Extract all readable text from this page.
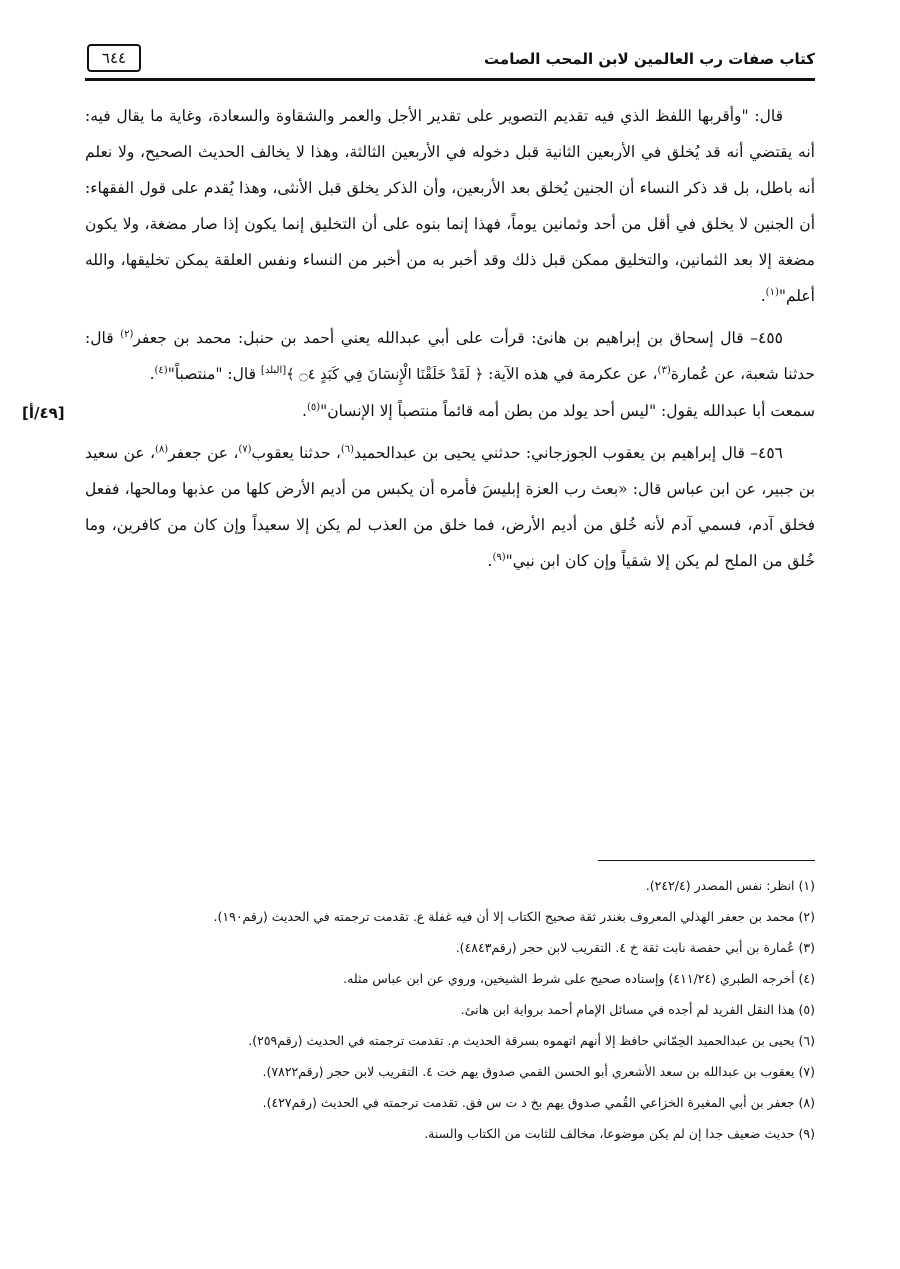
كتاب صفات رب العالمين لابن المحب الصامت
٦٤٤
[٤٩/أ]

قال: "وأقربها اللفظ الذي فيه تقديم التصوير على تقدير الأجل والعمر والشقاوة والسعادة، وغاية ما يقال فيه: أنه يقتضي أنه قد يُخلق في الأربعين الثانية قبل دخوله في الأربعين الثالثة، وهذا لا يخالف الحديث الصحيح، ولا نعلم أنه باطل، بل قد ذكر النساء أن الجنين يُخلق بعد الأربعين، وأن الذكر يخلق قبل الأنثى، وهذا يُقدم على قول الفقهاء: أن الجنين لا يخلق في أقل من أحد وثمانين يوماً، فهذا إنما بنوه على أن التخليق إنما يكون إذا صار مضغة، ولا يكون مضغة إلا بعد الثمانين، والتخليق ممكن قبل ذلك وقد أخبر به من أخبر من النساء ونفس العلقة يمكن تخليقها، والله أعلم"$^{(١)}$.

٤٥٥– قال إسحاق بن إبراهيم بن هانئ: قرأت على أبي عبدالله يعني أحمد بن حنبل: محمد بن جعفر$^{(٢)}$ قال: حدثنا شعبة، عن عُمارة$^{(٣)}$، عن عكرمة في هذه الآية: ﴿ لَقَدْ خَلَقْنَا الْإِنسَانَ فِي كَبَدٍ ۝٤ ﴾[البلد] قال: "منتصباً"$^{(٤)}$.

سمعت أبا عبدالله يقول: "ليس أحد يولد من بطن أمه قائماً منتصباً إلا الإنسان"$^{(٥)}$.

٤٥٦– قال إبراهيم بن يعقوب الجوزجاني: حدثني يحيى بن عبدالحميد$^{(٦)}$، حدثنا يعقوب$^{(٧)}$، عن جعفر$^{(٨)}$، عن سعيد بن جبير، عن ابن عباس قال: «بعث رب العزة إبليسَ فأمره أن يكبس من أديم الأرض كلها من عذبها ومالحها، ففعل فخلق آدم، فسمي آدم لأنه خُلق من أديم الأرض، فما خلق من العذب لم يكن إلا سعيداً وإن كان من كافرين، وما خُلق من الملح لم يكن إلا شقياً وإن كان ابن نبي"$^{(٩)}$.

(١) انظر: نفس المصدر (٢٤٢/٤).

(٢) محمد بن جعفر الهذلي المعروف بغندر ثقة صحيح الكتاب إلا أن فيه غفلة ع. تقدمت ترجمته في الحديث (رقم١٩٠).

(٣) عُمارة بن أبي حفصة نابت ثقة خ ٤. التقريب لابن حجر (رقم٤٨٤٣).

(٤) أخرجه الطبري (٤١١/٢٤) وإسناده صحيح على شرط الشيخين، وروي عن ابن عباس مثله.

(٥) هذا النقل الفريد لم أجده في مسائل الإمام أحمد برواية ابن هانئ.

(٦) يحيى بن عبدالحميد الحِمّاني حافظ إلا أنهم اتهموه بسرقة الحديث م. تقدمت ترجمته في الحديث (رقم٢٥٩).

(٧) يعقوب بن عبدالله بن سعد الأشعري أبو الحسن القمي صدوق يهم خت ٤. التقريب لابن حجر (رقم٧٨٢٢).

(٨) جعفر بن أبي المغيرة الخزاعي القُمي صدوق يهم بخ د ت س فق. تقدمت ترجمته في الحديث (رقم٤٢٧).

(٩) حديث ضعيف جدا إن لم يكن موضوعا، مخالف للثابت من الكتاب والسنة.
